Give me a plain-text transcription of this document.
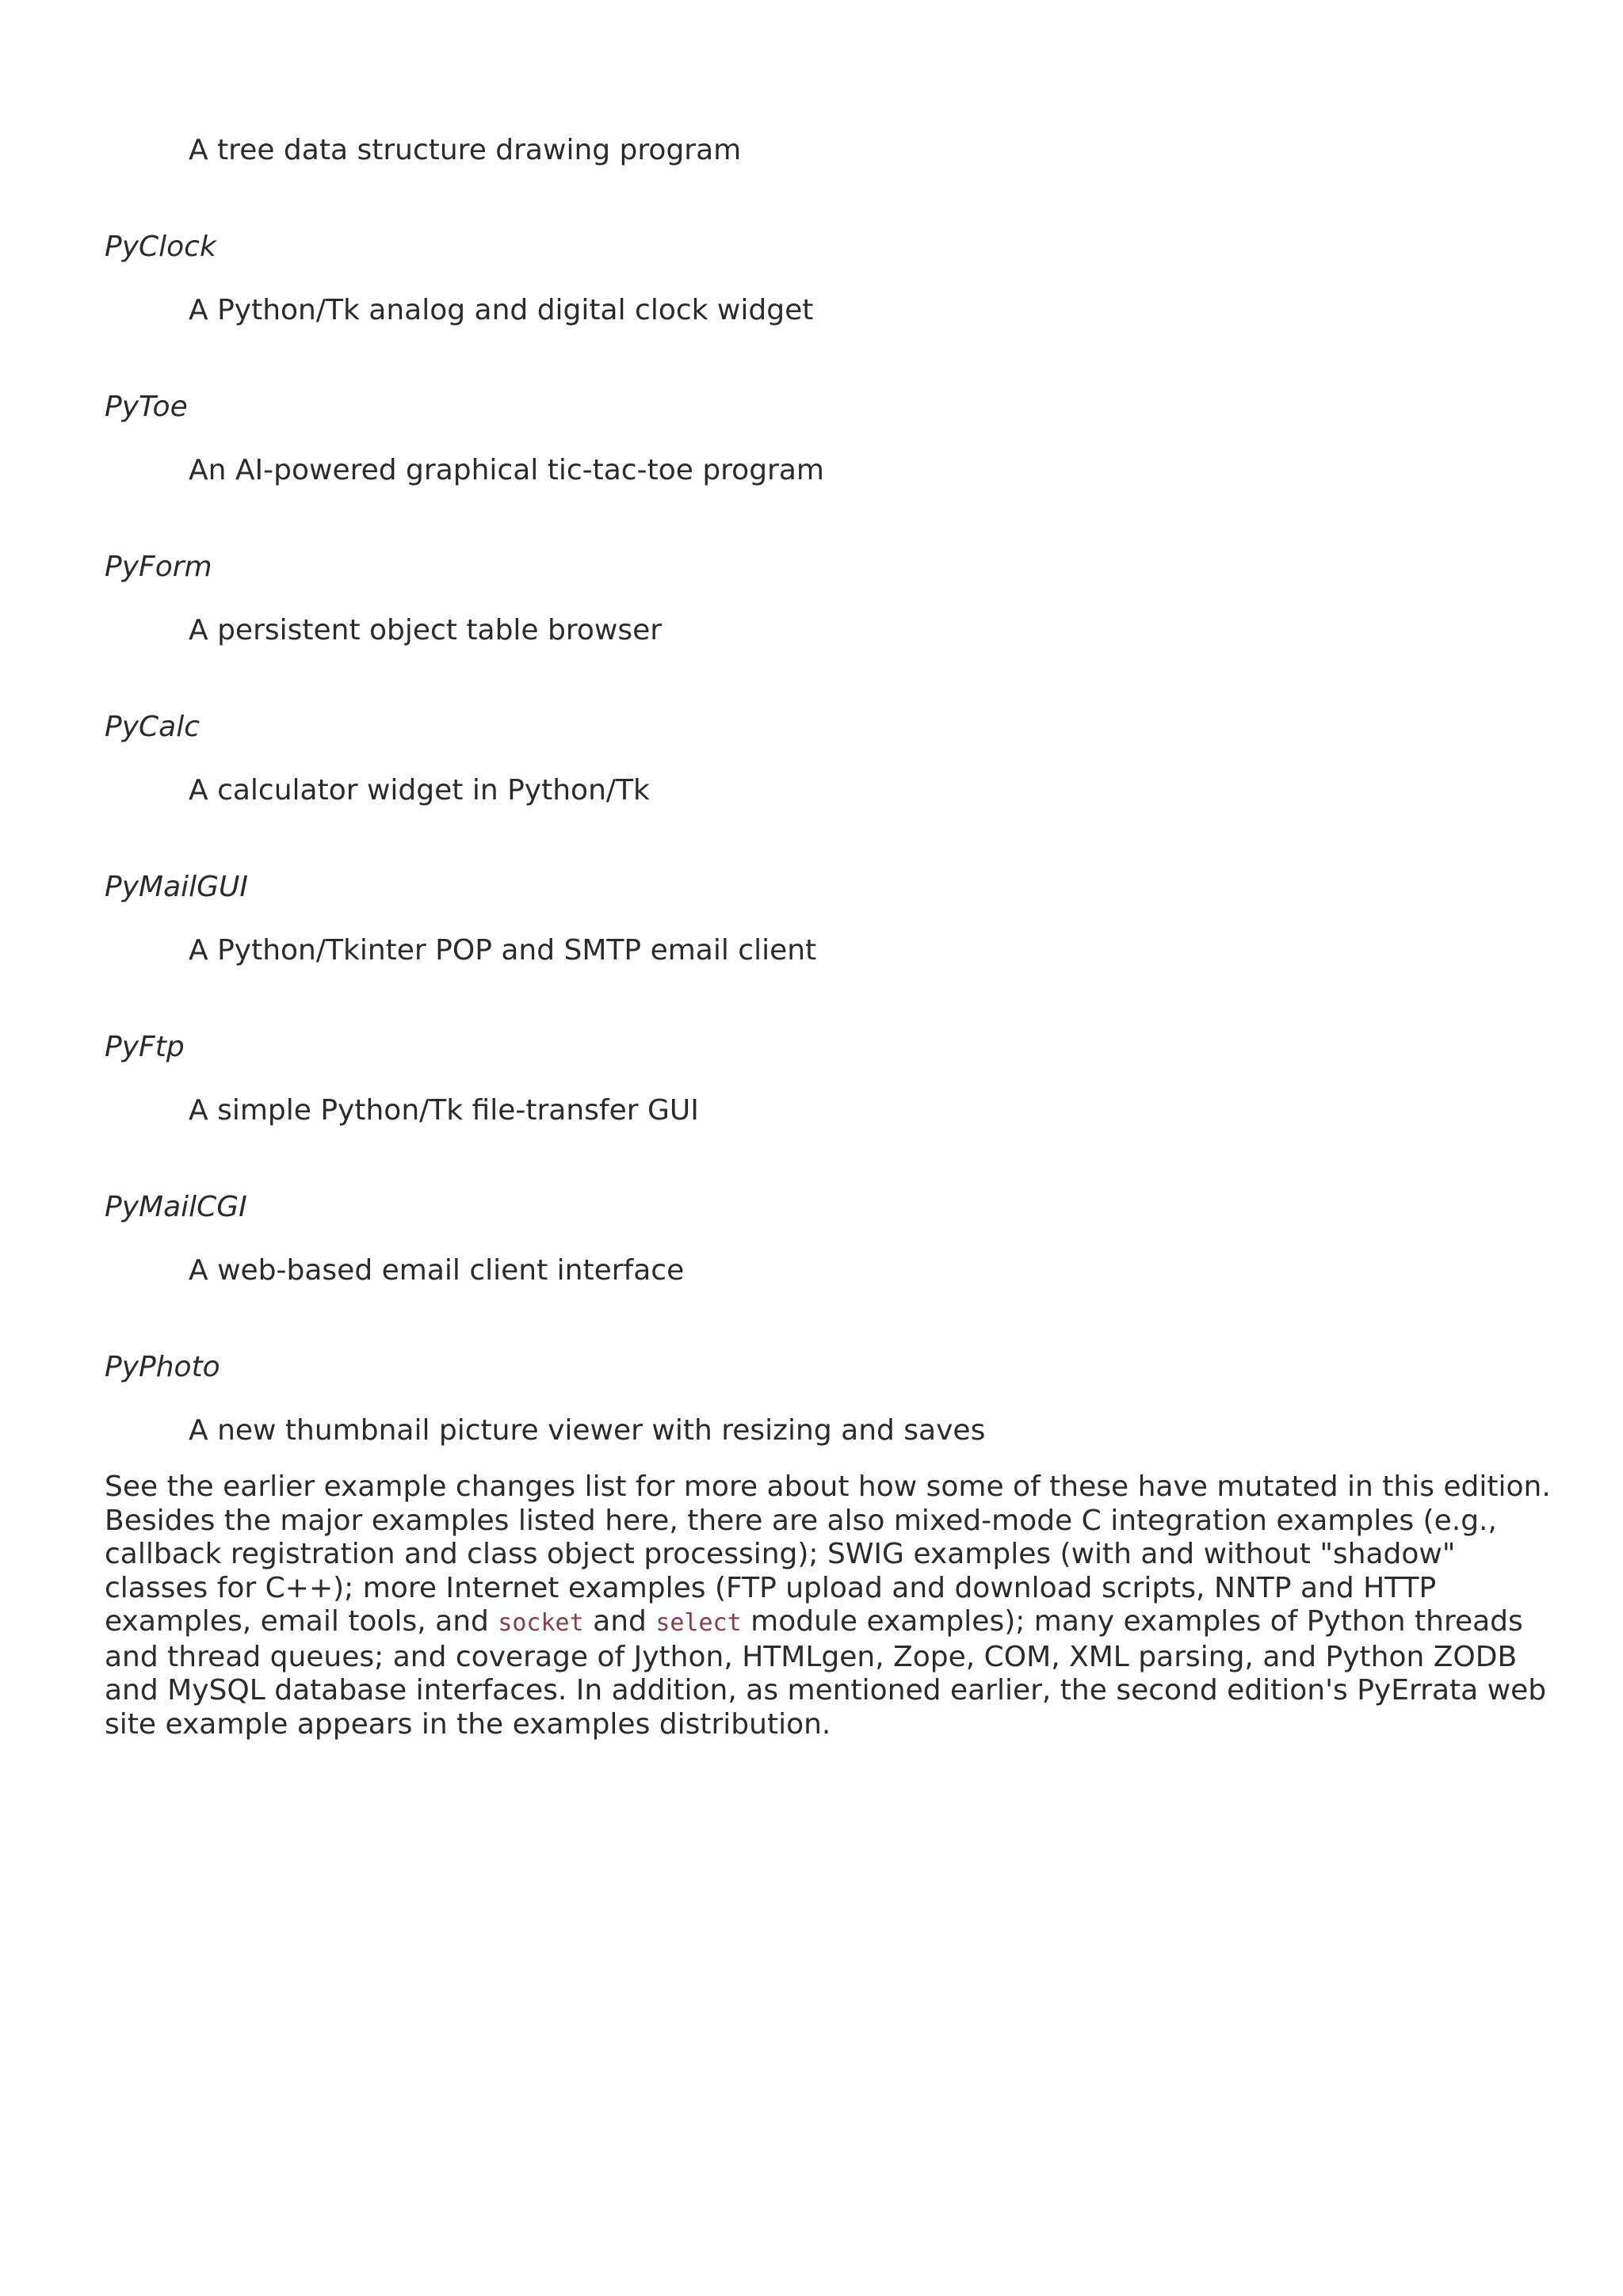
A tree data structure drawing program
PyClock
A Python/Tk analog and digital clock widget
PyToe
An AI-powered graphical tic-tac-toe program
PyForm
A persistent object table browser
PyCalc
A calculator widget in Python/Tk
PyMailGUI
A Python/Tkinter POP and SMTP email client
PyFtp
A simple Python/Tk file-transfer GUI
PyMailCGI
A web-based email client interface
PyPhoto
A new thumbnail picture viewer with resizing and saves
See the earlier example changes list for more about how some of these have mutated in this edition.
Besides the major examples listed here, there are also mixed-mode C integration examples (e.g.,
callback registration and class object processing); SWIG examples (with and without "shadow"
classes for C++); more Internet examples (FTP upload and download scripts, NNTP and HTTP
examples, email tools, and socket and select module examples); many examples of Python threads
and thread queues; and coverage of Jython, HTMLgen, Zope, COM, XML parsing, and Python ZODB
and MySQL database interfaces. In addition, as mentioned earlier, the second edition's PyErrata web
site example appears in the examples distribution.
